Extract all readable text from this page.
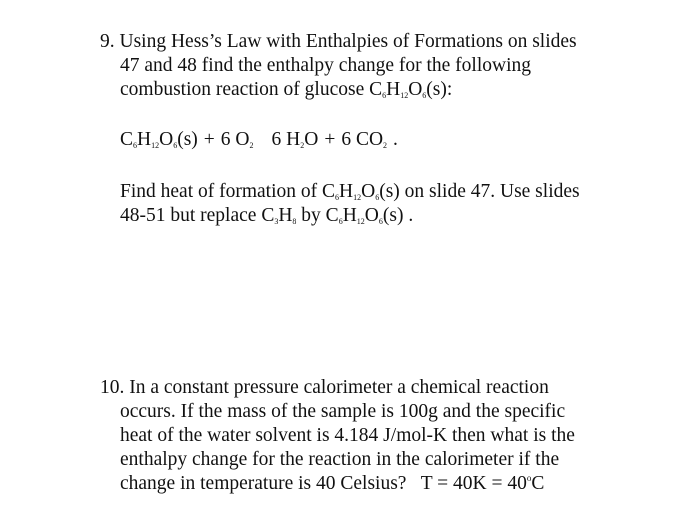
9. Using Hess’s Law with Enthalpies of Formations on slides
47 and 48 find the enthalpy change for the following
combustion reaction of glucose $C_6H_{12}O_6(s)$:
$C_6H_{12}O_6(s) + 6$ $O_2$ 6 $H_2O + 6$ $CO_2$ .
Find heat of formation of $C_6H_{12}O_6(s)$ on slide 47. Use slides
48-51 but replace $C_3H_8$ by $C_6H_{12}O_6(s)$ .
10. In a constant pressure calorimeter a chemical reaction
occurs. If the mass of the sample is 100g and the specific
heat of the water solvent is 4.184 J/mol-K then what is the
enthalpy change for the reaction in the calorimeter if the
change in temperature is 40 Celsius?   $T = 40K = 40^oC$
